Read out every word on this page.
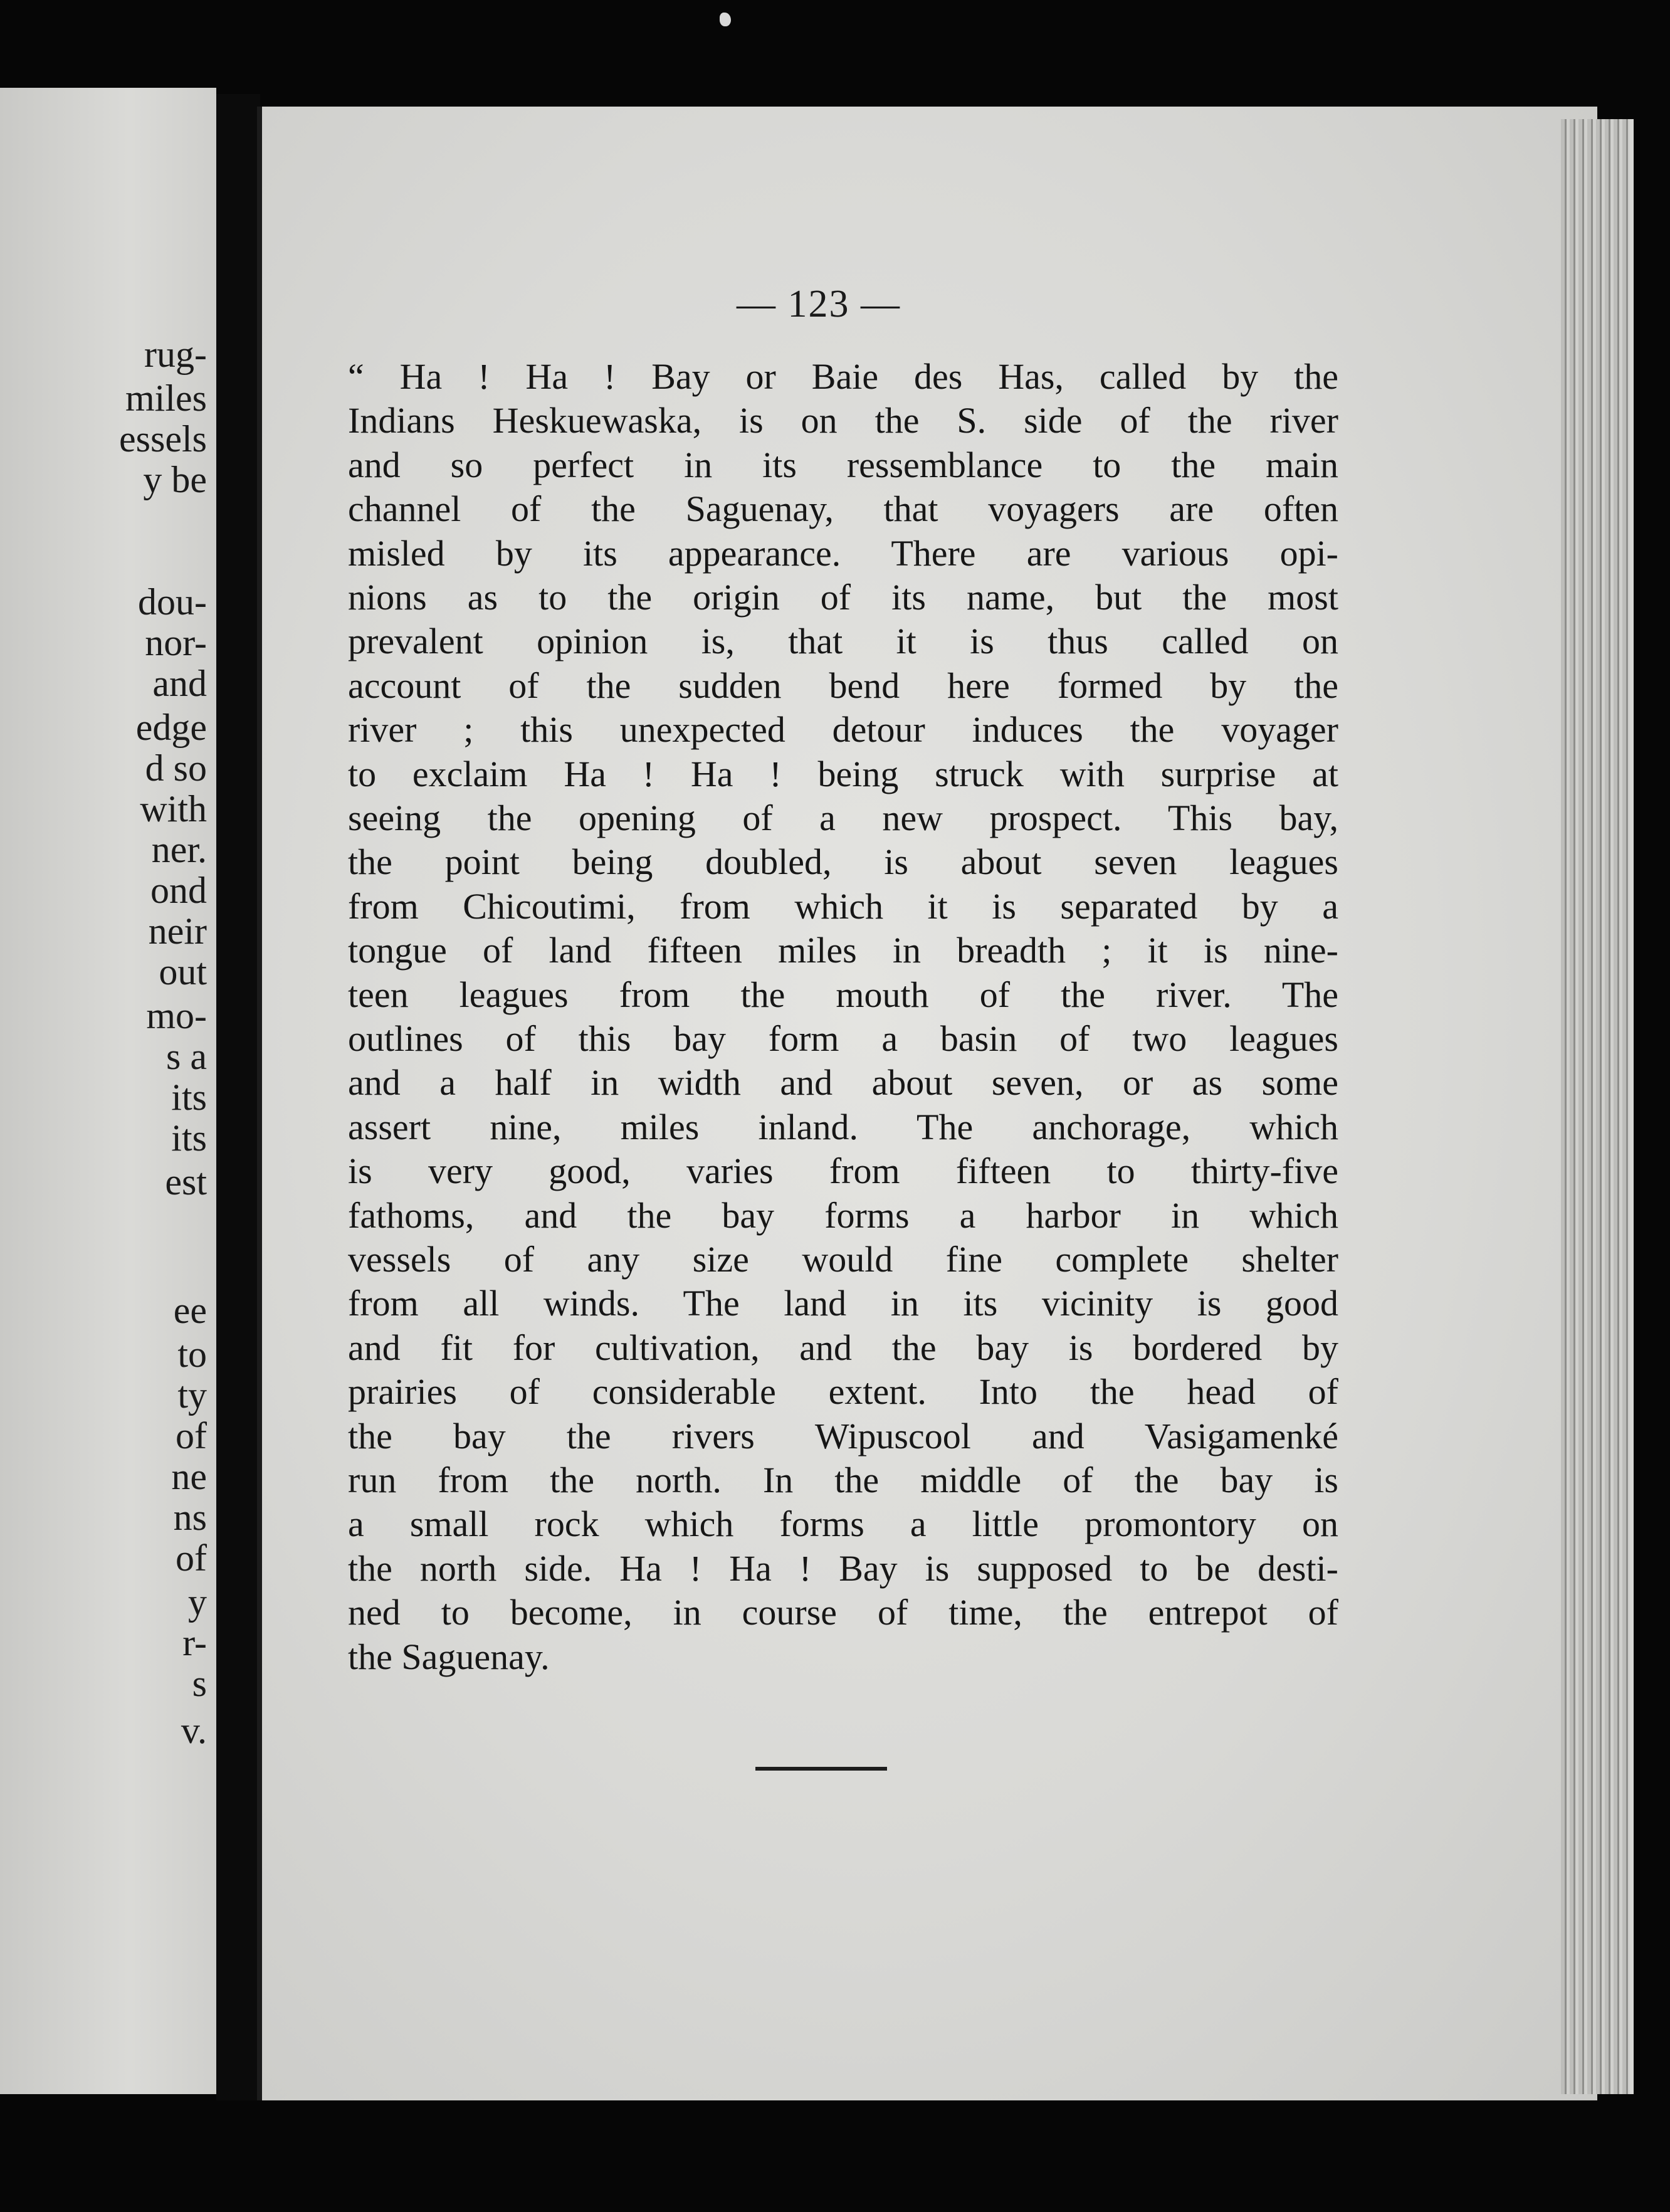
rug-
miles
essels
y be
dou-
nor-
and
edge
d so
with
ner.
ond
neir
out
mo-
s a
its
its
est
ee
to
ty
of
ne
ns
of
y
r-
s
v.
— 123 —
“ Ha ! Ha ! Bay or Baie des Has, called by the
Indians Heskuewaska, is on the S. side of the river
and so perfect in its ressemblance to the main
channel of the Saguenay, that voyagers are often
misled by its appearance. There are various opi-
nions as to the origin of its name, but the most
prevalent opinion is, that it is thus called on
account of the sudden bend here formed by the
river ; this unexpected detour induces the voyager
to exclaim Ha ! Ha ! being struck with surprise at
seeing the opening of a new prospect. This bay,
the point being doubled, is about seven leagues
from Chicoutimi, from which it is separated by a
tongue of land fifteen miles in breadth ; it is nine-
teen leagues from the mouth of the river. The
outlines of this bay form a basin of two leagues
and a half in width and about seven, or as some
assert nine, miles inland. The anchorage, which
is very good, varies from fifteen to thirty-five
fathoms, and the bay forms a harbor in which
vessels of any size would fine complete shelter
from all winds. The land in its vicinity is good
and fit for cultivation, and the bay is bordered by
prairies of considerable extent. Into the head of
the bay the rivers Wipuscool and Vasigamenké
run from the north. In the middle of the bay is
a small rock which forms a little promontory on
the north side. Ha ! Ha ! Bay is supposed to be desti-
ned to become, in course of time, the entrepot of
the Saguenay.
